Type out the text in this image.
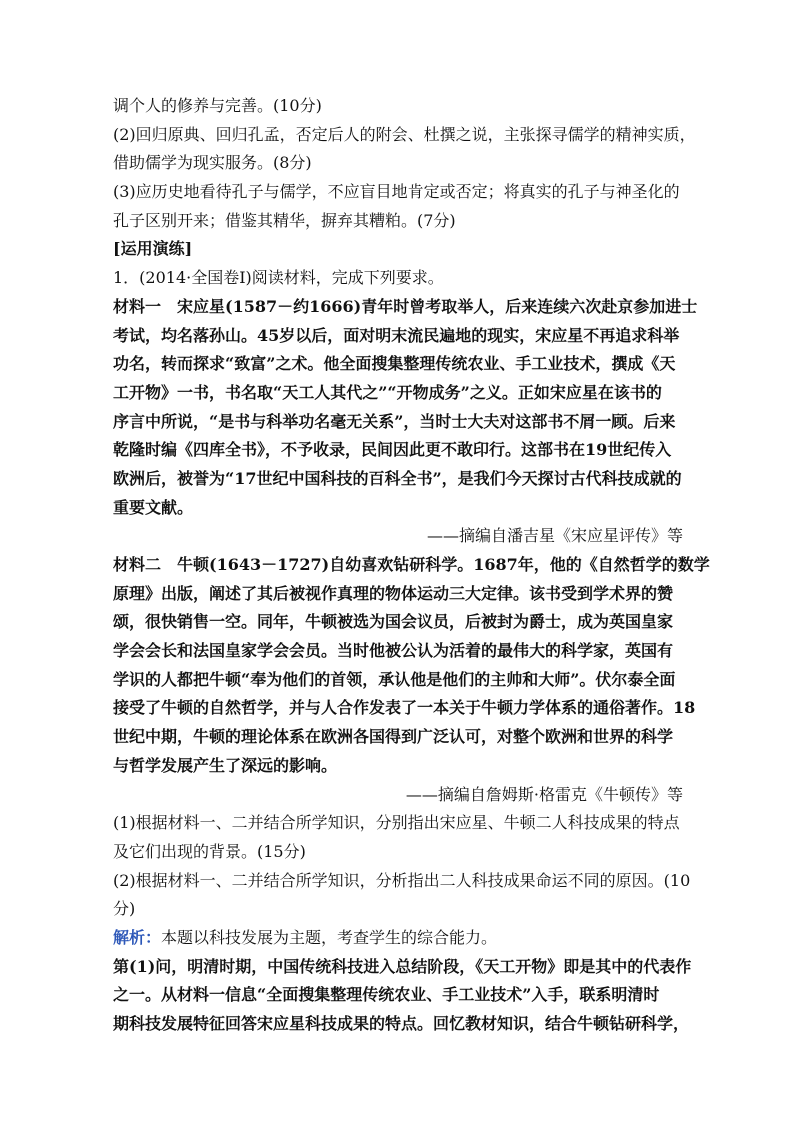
调个人的修养与完善。(10分)
(2)回归原典、回归孔孟，否定后人的附会、杜撰之说，主张探寻儒学的精神实质，
借助儒学为现实服务。(8分)
(3)应历史地看待孔子与儒学，不应盲目地肯定或否定；将真实的孔子与神圣化的
孔子区别开来；借鉴其精华，摒弃其糟粕。(7分)
[运用演练]
1．(2014·全国卷Ⅰ)阅读材料，完成下列要求。
材料一　宋应星(1587－约1666)青年时曾考取举人，后来连续六次赴京参加进士
考试，均名落孙山。45岁以后，面对明末流民遍地的现实，宋应星不再追求科举
功名，转而探求“致富”之术。他全面搜集整理传统农业、手工业技术，撰成《天
工开物》一书，书名取“天工人其代之”“开物成务”之义。正如宋应星在该书的
序言中所说，“是书与科举功名毫无关系”，当时士大夫对这部书不屑一顾。后来
乾隆时编《四库全书》，不予收录，民间因此更不敢印行。这部书在19世纪传入
欧洲后，被誉为“17世纪中国科技的百科全书”，是我们今天探讨古代科技成就的
重要文献。
——摘编自潘吉星《宋应星评传》等
材料二　牛顿(1643－1727)自幼喜欢钻研科学。1687年，他的《自然哲学的数学
原理》出版，阐述了其后被视作真理的物体运动三大定律。该书受到学术界的赞
颂，很快销售一空。同年，牛顿被选为国会议员，后被封为爵士，成为英国皇家
学会会长和法国皇家学会会员。当时他被公认为活着的最伟大的科学家，英国有
学识的人都把牛顿“奉为他们的首领，承认他是他们的主帅和大师”。伏尔泰全面
接受了牛顿的自然哲学，并与人合作发表了一本关于牛顿力学体系的通俗著作。18
世纪中期，牛顿的理论体系在欧洲各国得到广泛认可，对整个欧洲和世界的科学
与哲学发展产生了深远的影响。
——摘编自詹姆斯·格雷克《牛顿传》等
(1)根据材料一、二并结合所学知识，分别指出宋应星、牛顿二人科技成果的特点
及它们出现的背景。(15分)
(2)根据材料一、二并结合所学知识，分析指出二人科技成果命运不同的原因。(10
分)
解析：本题以科技发展为主题，考查学生的综合能力。
第(1)问，明清时期，中国传统科技进入总结阶段，《天工开物》即是其中的代表作
之一。从材料一信息“全面搜集整理传统农业、手工业技术”入手，联系明清时
期科技发展特征回答宋应星科技成果的特点。回忆教材知识，结合牛顿钻研科学，
